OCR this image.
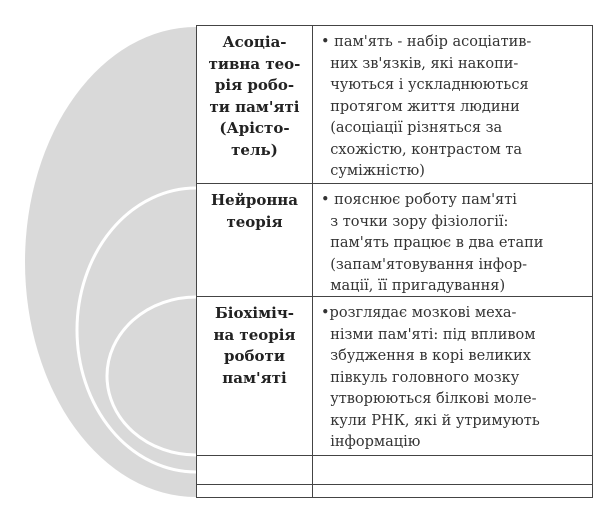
Асоціа-
тивна тео-
рія робо-
ти пам'яті
(Арісто-
тель)
• пам'ять - набір асоціатив-
них зв'язків, які накопи-
чуються і ускладнюються
протягом життя людини
(асоціації різняться за
схожістю, контрастом та
суміжністю)
Нейронна
теорія
• пояснює роботу пам'яті
з точки зору фізіології:
пам'ять працює в два етапи
(запам'ятовування інфор-
мації, її пригадування)
Біохіміч-
на теорія
роботи
пам'яті
•розглядає мозкові меха-
нізми пам'яті: під впливом
збудження в корі великих
півкуль головного мозку
утворюються білкові моле-
кули РНК, які й утримують
інформацію
